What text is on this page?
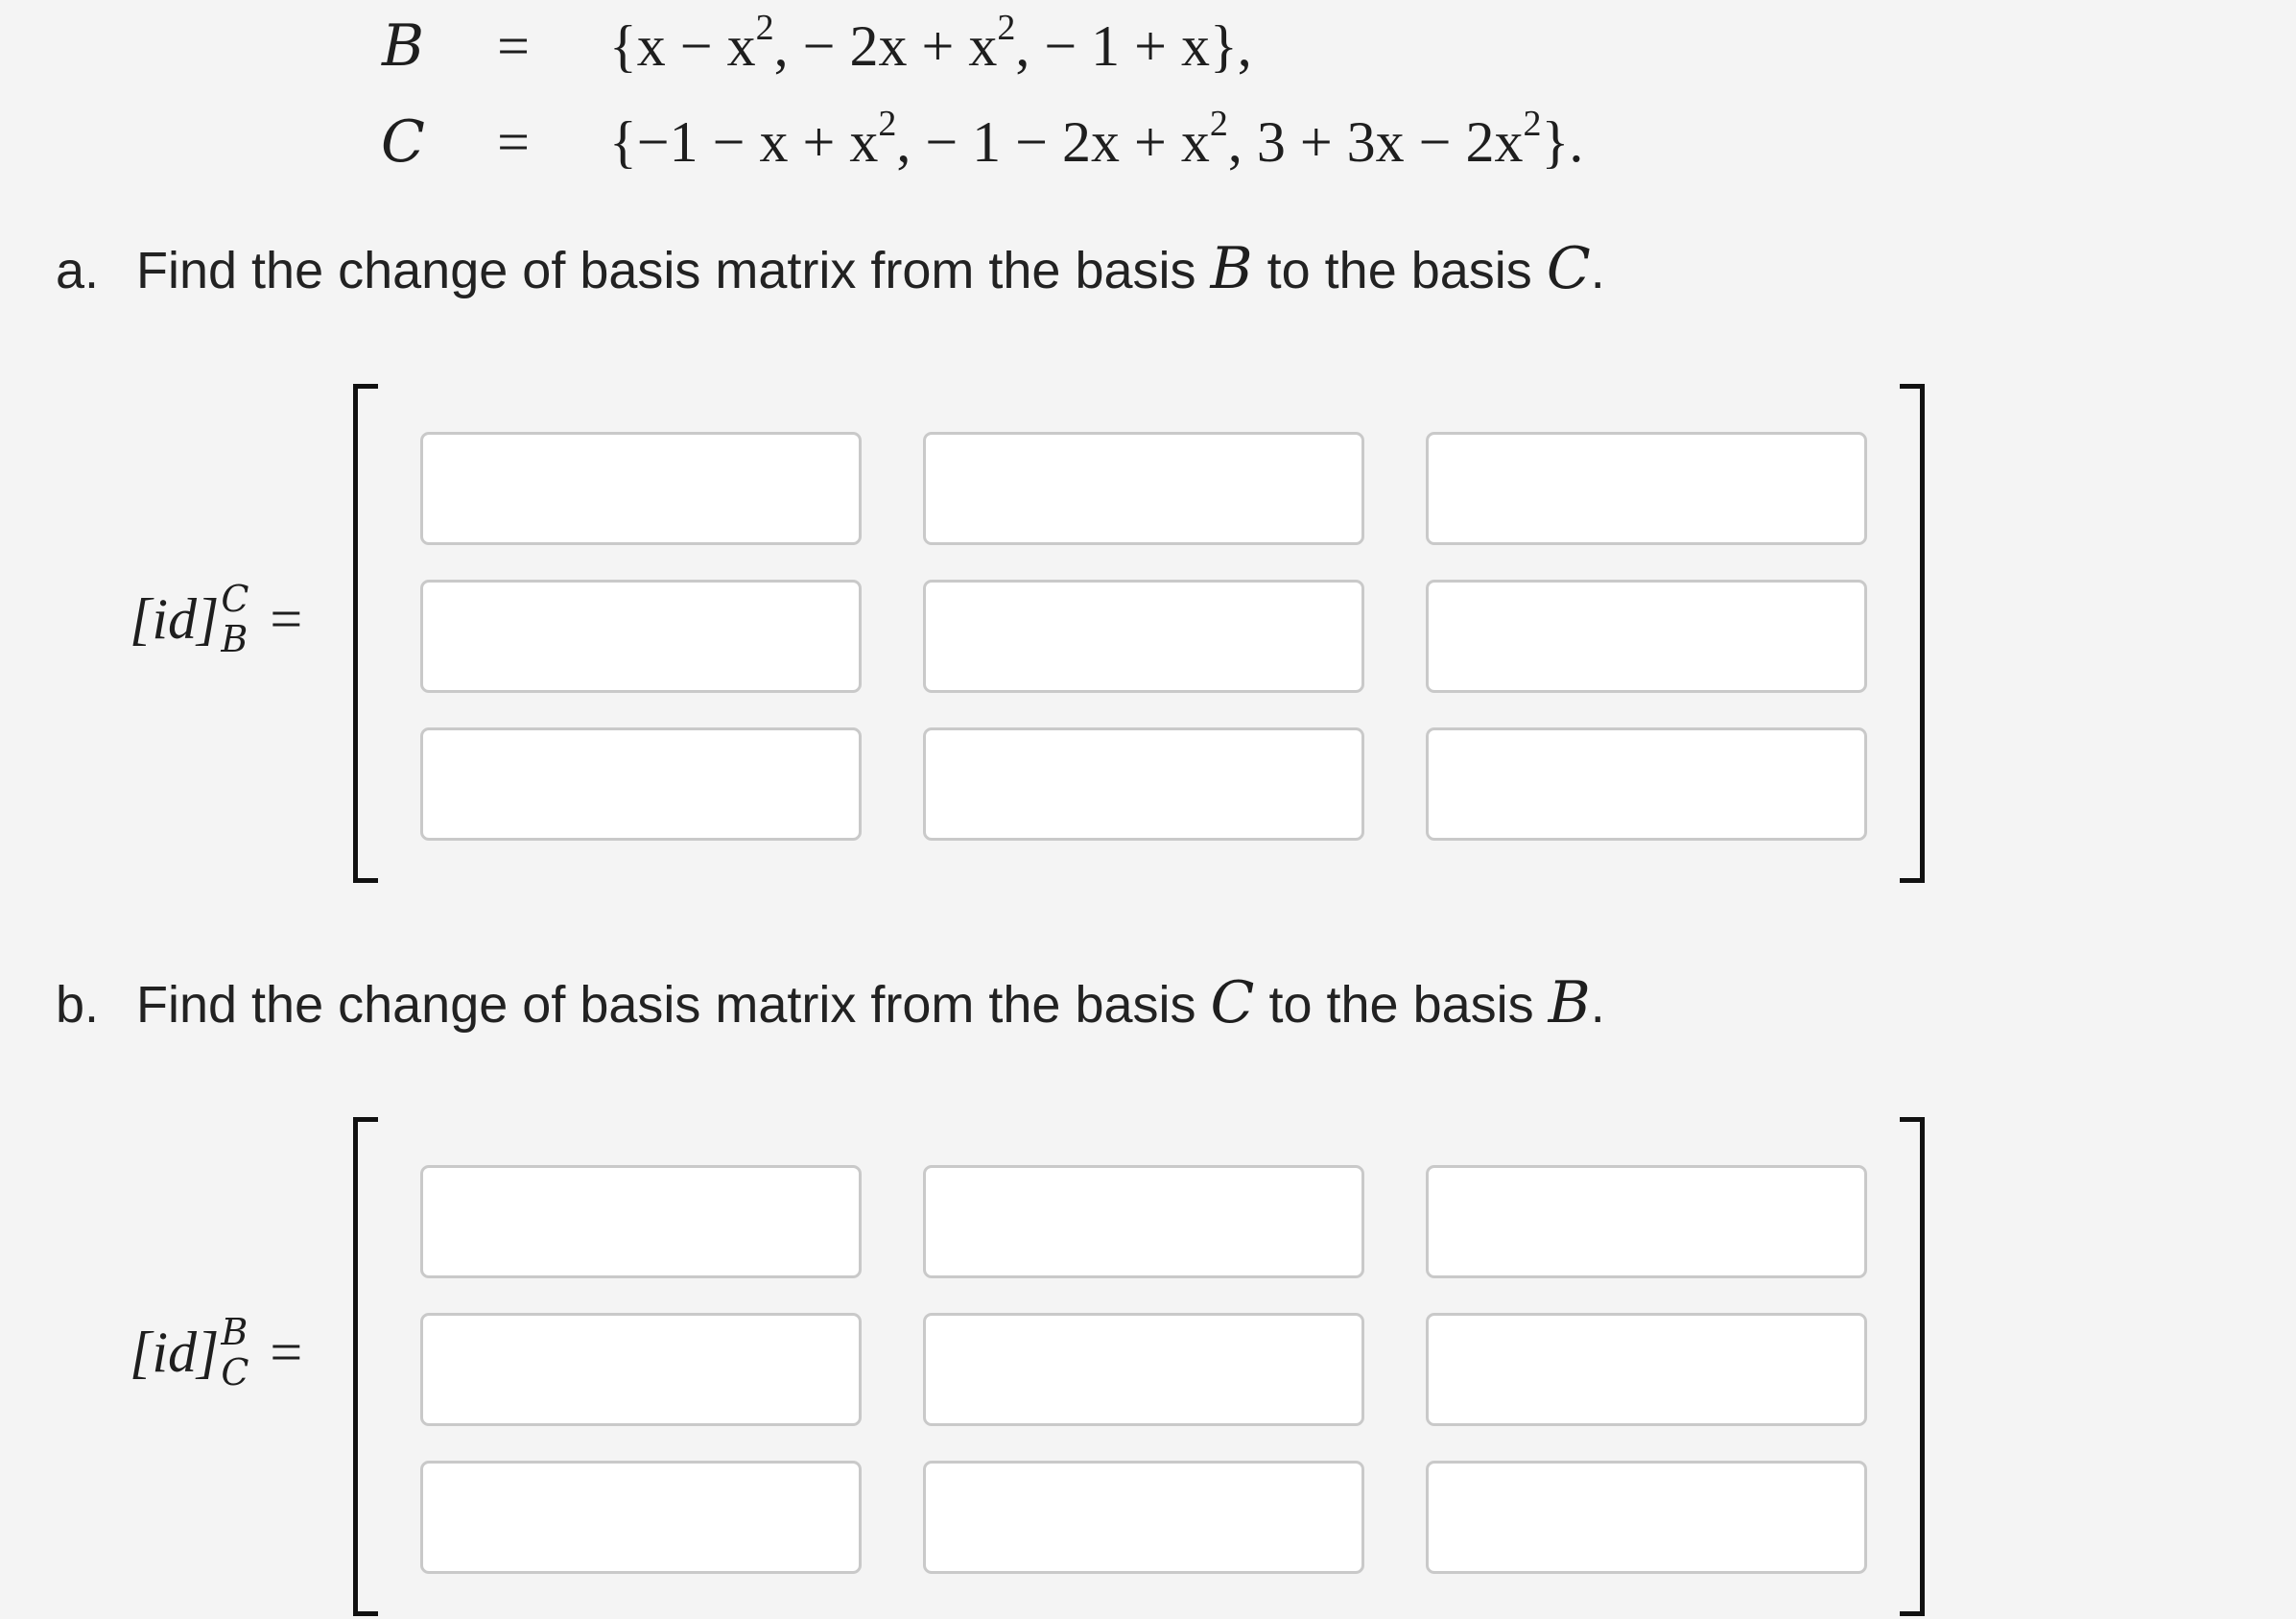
$B = \{x - x^2$, − $2x + x^2$, − 1 + x},
$C = \{-1 - x + x^2$, − $1 - 2x + x^2$, $3 + 3x - 2x^2$}.
a. Find the change of basis matrix from the basis B to the basis C.
[id] C
B =
b. Find the change of basis matrix from the basis C to the basis B.
[id] B
C =
